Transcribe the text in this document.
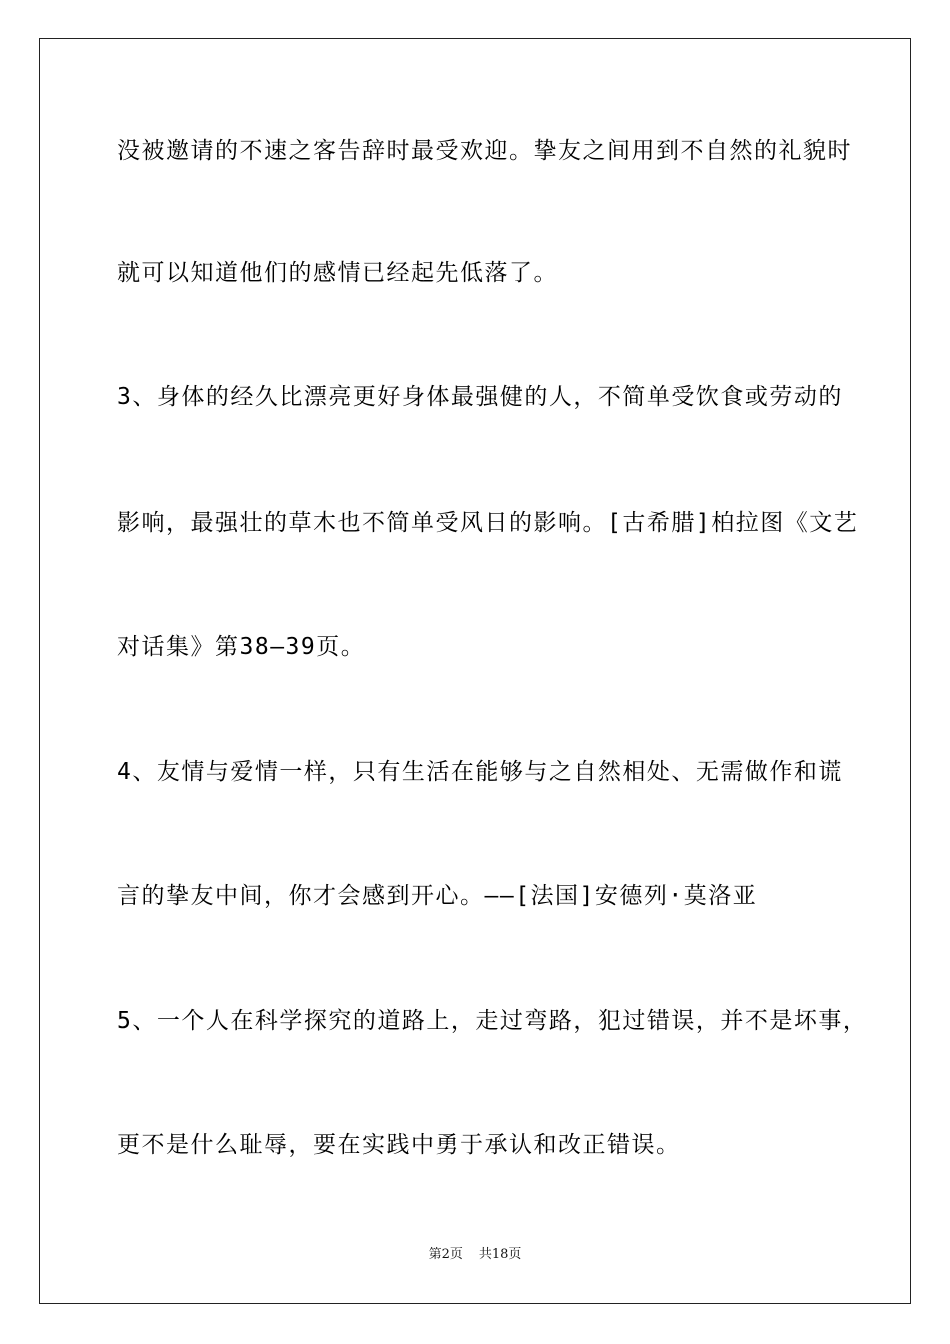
没被邀请的不速之客告辞时最受欢迎。挚友之间用到不自然的礼貌时
就可以知道他们的感情已经起先低落了。
3、身体的经久比漂亮更好身体最强健的人，不简单受饮食或劳动的
影响，最强壮的草木也不简单受风日的影响。[古希腊]柏拉图《文艺
对话集》第38—39页。
4、友情与爱情一样，只有生活在能够与之自然相处、无需做作和谎
言的挚友中间，你才会感到开心。——[法国]安德列·莫洛亚
5、一个人在科学探究的道路上，走过弯路，犯过错误，并不是坏事，
更不是什么耻辱，要在实践中勇于承认和改正错误。
第2页 共18页
